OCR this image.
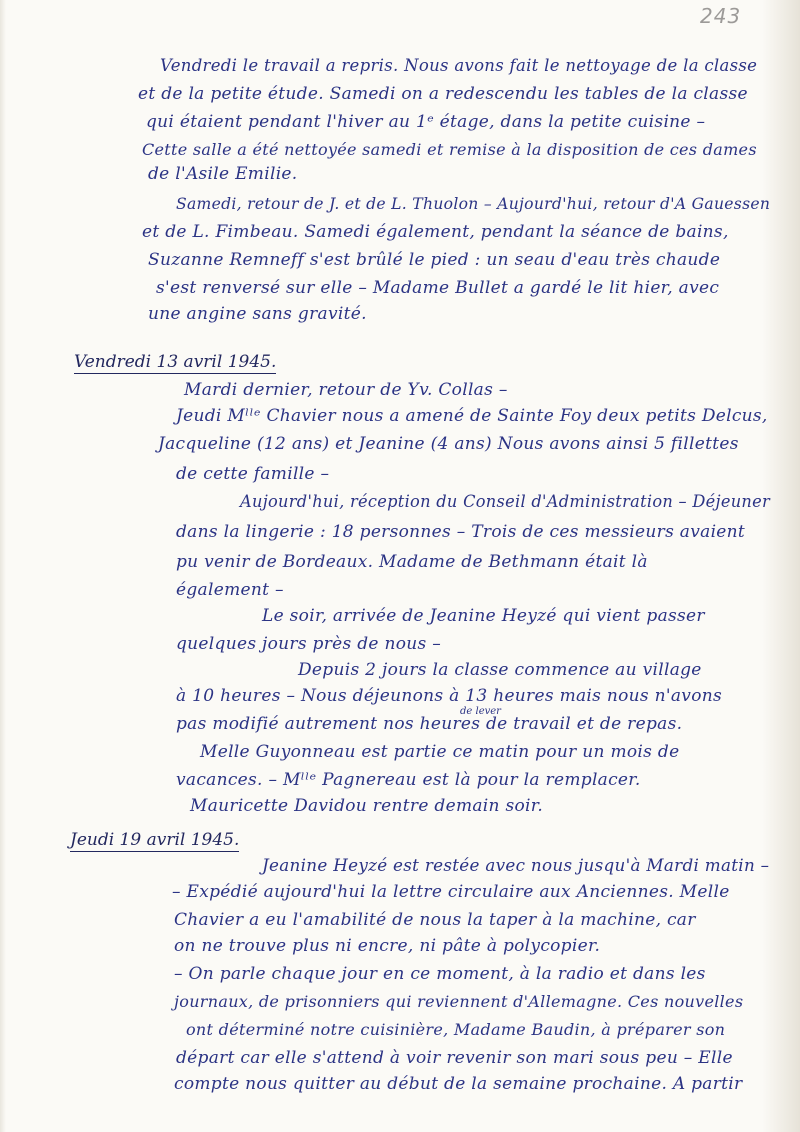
243
Vendredi le travail a repris. Nous avons fait le nettoyage de la classe
et de la petite étude. Samedi on a redescendu les tables de la classe
qui étaient pendant l'hiver au 1ᵉ étage, dans la petite cuisine –
Cette salle a été nettoyée samedi et remise à la disposition de ces dames
de l'Asile Emilie.
Samedi, retour de J. et de L. Thuolon – Aujourd'hui, retour d'A Gauessen
et de L. Fimbeau. Samedi également, pendant la séance de bains,
Suzanne Remneff s'est brûlé le pied : un seau d'eau très chaude
s'est renversé sur elle – Madame Bullet a gardé le lit hier, avec
une angine sans gravité.
Vendredi 13 avril 1945.
Mardi dernier, retour de Yv. Collas –
Jeudi Mˡˡᵉ Chavier nous a amené de Sainte Foy deux petits Delcus,
Jacqueline (12 ans) et Jeanine (4 ans) Nous avons ainsi 5 fillettes
de cette famille –
Aujourd'hui, réception du Conseil d'Administration – Déjeuner
dans la lingerie : 18 personnes – Trois de ces messieurs avaient
pu venir de Bordeaux. Madame de Bethmann était là
également –
Le soir, arrivée de Jeanine Heyzé qui vient passer
quelques jours près de nous –
Depuis 2 jours la classe commence au village
à 10 heures – Nous déjeunons à 13 heures mais nous n'avons
de lever
pas modifié autrement nos heures de travail et de repas.
Melle Guyonneau est partie ce matin pour un mois de
vacances. – Mˡˡᵉ Pagnereau est là pour la remplacer.
Mauricette Davidou rentre demain soir.
Jeudi 19 avril 1945.
Jeanine Heyzé est restée avec nous jusqu'à Mardi matin –
– Expédié aujourd'hui la lettre circulaire aux Anciennes. Melle
Chavier a eu l'amabilité de nous la taper à la machine, car
on ne trouve plus ni encre, ni pâte à polycopier.
– On parle chaque jour en ce moment, à la radio et dans les
journaux, de prisonniers qui reviennent d'Allemagne. Ces nouvelles
ont déterminé notre cuisinière, Madame Baudin, à préparer son
départ car elle s'attend à voir revenir son mari sous peu – Elle
compte nous quitter au début de la semaine prochaine. A partir
